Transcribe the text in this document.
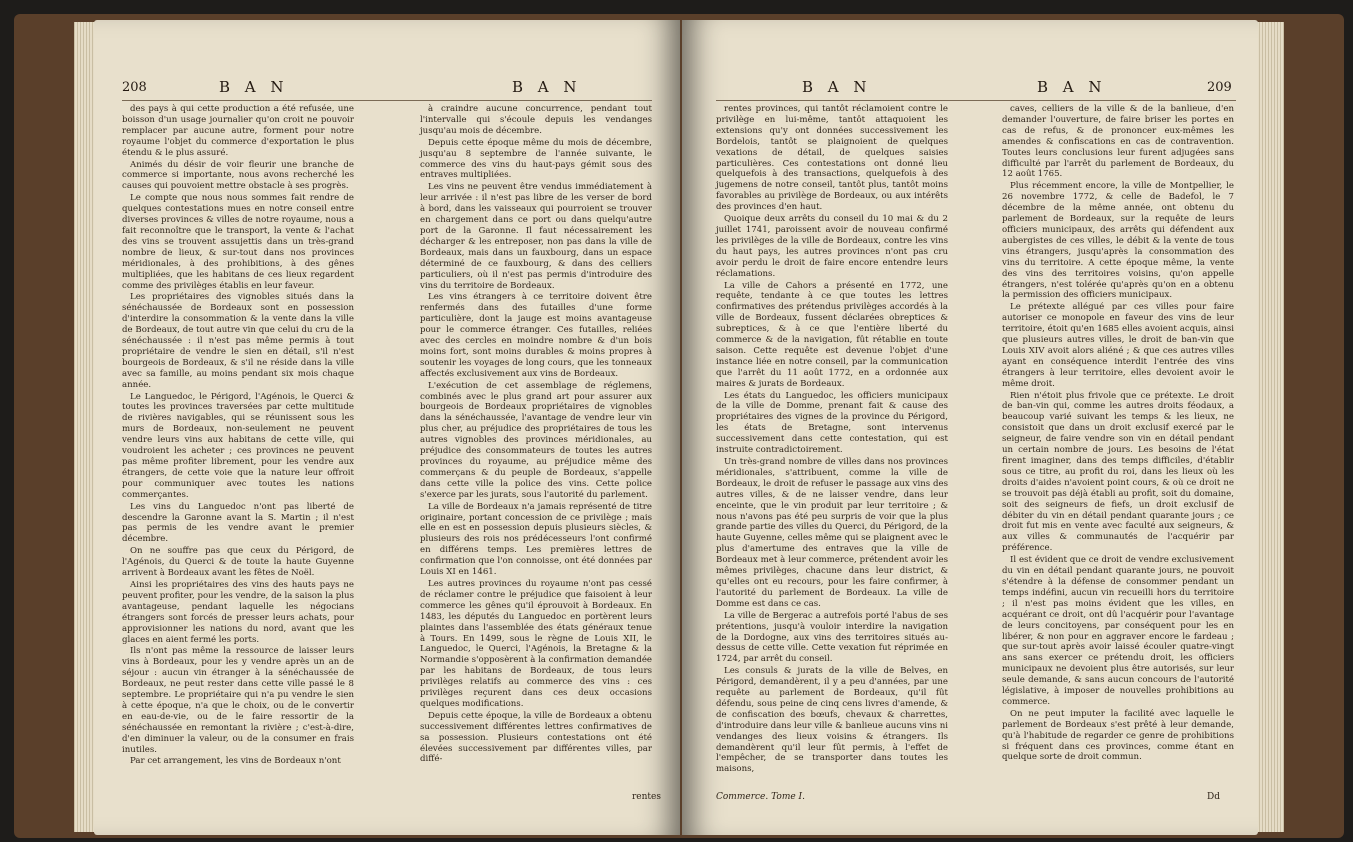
208	B A N	B A N

des pays à qui cette production a été refusée, une boisson d'un usage journalier qu'on croit ne pouvoir remplacer par aucune autre, forment pour notre royaume l'objet du commerce d'exportation le plus étendu & le plus assuré.

Animés du désir de voir fleurir une branche de commerce si importante, nous avons recherché les causes qui pouvoient mettre obstacle à ses progrès.

Le compte que nous nous sommes fait rendre de quelques contestations mues en notre conseil entre diverses provinces & villes de notre royaume, nous a fait reconnoître que le transport, la vente & l'achat des vins se trouvent assujettis dans un très-grand nombre de lieux, & sur-tout dans nos provinces méridionales, à des prohibitions, à des gênes multipliées, que les habitans de ces lieux regardent comme des privilèges établis en leur faveur.

Les propriétaires des vignobles situés dans la sénéchaussée de Bordeaux sont en possession d'interdire la consommation & la vente dans la ville de Bordeaux, de tout autre vin que celui du cru de la sénéchaussée : il n'est pas même permis à tout propriétaire de vendre le sien en détail, s'il n'est bourgeois de Bordeaux, & s'il ne réside dans la ville avec sa famille, au moins pendant six mois chaque année.

Le Languedoc, le Périgord, l'Agénois, le Querci & toutes les provinces traversées par cette multitude de rivières navigables, qui se réunissent sous les murs de Bordeaux, non-seulement ne peuvent vendre leurs vins aux habitans de cette ville, qui voudroient les acheter ; ces provinces ne peuvent pas même profiter librement, pour les vendre aux étrangers, de cette voie que la nature leur offroit pour communiquer avec toutes les nations commerçantes.

Les vins du Languedoc n'ont pas liberté de descendre la Garonne avant la S. Martin ; il n'est pas permis de les vendre avant le premier décembre.

On ne souffre pas que ceux du Périgord, de l'Agénois, du Querci & de toute la haute Guyenne arrivent à Bordeaux avant les fêtes de Noël.

Ainsi les propriétaires des vins des hauts pays ne peuvent profiter, pour les vendre, de la saison la plus avantageuse, pendant laquelle les négocians étrangers sont forcés de presser leurs achats, pour approvisionner les nations du nord, avant que les glaces en aient fermé les ports.

Ils n'ont pas même la ressource de laisser leurs vins à Bordeaux, pour les y vendre après un an de séjour : aucun vin étranger à la sénéchaussée de Bordeaux, ne peut rester dans cette ville passé le 8 septembre. Le propriétaire qui n'a pu vendre le sien à cette époque, n'a que le choix, ou de le convertir en eau-de-vie, ou de le faire ressortir de la sénéchaussée en remontant la rivière ; c'est-à-dire, d'en diminuer la valeur, ou de la consumer en frais inutiles.

Par cet arrangement, les vins de Bordeaux n'ont

à craindre aucune concurrence, pendant tout l'intervalle qui s'écoule depuis les vendanges jusqu'au mois de décembre.

Depuis cette époque même du mois de décembre, jusqu'au 8 septembre de l'année suivante, le commerce des vins du haut-pays gémit sous des entraves multipliées.

Les vins ne peuvent être vendus immédiatement à leur arrivée : il n'est pas libre de les verser de bord à bord, dans les vaisseaux qui pourroient se trouver en chargement dans ce port ou dans quelqu'autre port de la Garonne. Il faut nécessairement les décharger & les entreposer, non pas dans la ville de Bordeaux, mais dans un fauxbourg, dans un espace déterminé de ce fauxbourg, & dans des celliers particuliers, où il n'est pas permis d'introduire des vins du territoire de Bordeaux.

Les vins étrangers à ce territoire doivent être renfermés dans des futailles d'une forme particulière, dont la jauge est moins avantageuse pour le commerce étranger. Ces futailles, reliées avec des cercles en moindre nombre & d'un bois moins fort, sont moins durables & moins propres à soutenir les voyages de long cours, que les tonneaux affectés exclusivement aux vins de Bordeaux.

L'exécution de cet assemblage de réglemens, combinés avec le plus grand art pour assurer aux bourgeois de Bordeaux propriétaires de vignobles dans la sénéchaussée, l'avantage de vendre leur vin plus cher, au préjudice des propriétaires de tous les autres vignobles des provinces méridionales, au préjudice des consommateurs de toutes les autres provinces du royaume, au préjudice même des commerçans & du peuple de Bordeaux, s'appelle dans cette ville la police des vins. Cette police s'exerce par les jurats, sous l'autorité du parlement.

La ville de Bordeaux n'a jamais représenté de titre originaire, portant concession de ce privilège ; mais elle en est en possession depuis plusieurs siècles, & plusieurs des rois nos prédécesseurs l'ont confirmé en différens temps. Les premières lettres de confirmation que l'on connoisse, ont été données par Louis XI en 1461.

Les autres provinces du royaume n'ont pas cessé de réclamer contre le préjudice que faisoient à leur commerce les gênes qu'il éprouvoit à Bordeaux. En 1483, les députés du Languedoc en portèrent leurs plaintes dans l'assemblée des états généraux tenue à Tours. En 1499, sous le règne de Louis XII, le Languedoc, le Querci, l'Agénois, la Bretagne & la Normandie s'opposèrent à la confirmation demandée par les habitans de Bordeaux, de tous leurs privilèges relatifs au commerce des vins : ces privilèges reçurent dans ces deux occasions quelques modifications.

Depuis cette époque, la ville de Bordeaux a obtenu successivement différentes lettres confirmatives de sa possession. Plusieurs contestations ont été élevées successivement par différentes villes, par diffé-

rentes
B A N	B A N	209

rentes provinces, qui tantôt réclamoient contre le privilège en lui-même, tantôt attaquoient les extensions qu'y ont données successivement les Bordelois, tantôt se plaignoient de quelques vexations de détail, de quelques saisies particulières. Ces contestations ont donné lieu quelquefois à des transactions, quelquefois à des jugemens de notre conseil, tantôt plus, tantôt moins favorables au privilège de Bordeaux, ou aux intérêts des provinces d'en haut.

Quoique deux arrêts du conseil du 10 mai & du 2 juillet 1741, paroissent avoir de nouveau confirmé les privilèges de la ville de Bordeaux, contre les vins du haut pays, les autres provinces n'ont pas cru avoir perdu le droit de faire encore entendre leurs réclamations.

La ville de Cahors a présenté en 1772, une requête, tendante à ce que toutes les lettres confirmatives des prétendus privilèges accordés à la ville de Bordeaux, fussent déclarées obreptices & subreptices, & à ce que l'entière liberté du commerce & de la navigation, fût rétablie en toute saison. Cette requête est devenue l'objet d'une instance liée en notre conseil, par la communication que l'arrêt du 11 août 1772, en a ordonnée aux maires & jurats de Bordeaux.

Les états du Languedoc, les officiers municipaux de la ville de Domme, prenant fait & cause des propriétaires des vignes de la province du Périgord, les états de Bretagne, sont intervenus successivement dans cette contestation, qui est instruite contradictoirement.

Un très-grand nombre de villes dans nos provinces méridionales, s'attribuent, comme la ville de Bordeaux, le droit de refuser le passage aux vins des autres villes, & de ne laisser vendre, dans leur enceinte, que le vin produit par leur territoire ; & nous n'avons pas été peu surpris de voir que la plus grande partie des villes du Querci, du Périgord, de la haute Guyenne, celles même qui se plaignent avec le plus d'amertume des entraves que la ville de Bordeaux met à leur commerce, prétendent avoir les mêmes privilèges, chacune dans leur district, & qu'elles ont eu recours, pour les faire confirmer, à l'autorité du parlement de Bordeaux. La ville de Domme est dans ce cas.

La ville de Bergerac a autrefois porté l'abus de ses prétentions, jusqu'à vouloir interdire la navigation de la Dordogne, aux vins des territoires situés au-dessus de cette ville. Cette vexation fut réprimée en 1724, par arrêt du conseil.

Les consuls & jurats de la ville de Belves, en Périgord, demandèrent, il y a peu d'années, par une requête au parlement de Bordeaux, qu'il fût défendu, sous peine de cinq cens livres d'amende, & de confiscation des bœufs, chevaux & charrettes, d'introduire dans leur ville & banlieue aucuns vins ni vendanges des lieux voisins & étrangers. Ils demandèrent qu'il leur fût permis, à l'effet de l'empêcher, de se transporter dans toutes les maisons,

caves, celliers de la ville & de la banlieue, d'en demander l'ouverture, de faire briser les portes en cas de refus, & de prononcer eux-mêmes les amendes & confiscations en cas de contravention. Toutes leurs conclusions leur furent adjugées sans difficulté par l'arrêt du parlement de Bordeaux, du 12 août 1765.

Plus récemment encore, la ville de Montpellier, le 26 novembre 1772, & celle de Badefol, le 7 décembre de la même année, ont obtenu du parlement de Bordeaux, sur la requête de leurs officiers municipaux, des arrêts qui défendent aux aubergistes de ces villes, le débit & la vente de tous vins étrangers, jusqu'après la consommation des vins du territoire. A cette époque même, la vente des vins des territoires voisins, qu'on appelle étrangers, n'est tolérée qu'après qu'on en a obtenu la permission des officiers municipaux.

Le prétexte allégué par ces villes pour faire autoriser ce monopole en faveur des vins de leur territoire, étoit qu'en 1685 elles avoient acquis, ainsi que plusieurs autres villes, le droit de ban-vin que Louis XIV avoit alors aliéné ; & que ces autres villes ayant en conséquence interdit l'entrée des vins étrangers à leur territoire, elles devoient avoir le même droit.

Rien n'étoit plus frivole que ce prétexte. Le droit de ban-vin qui, comme les autres droits féodaux, a beaucoup varié suivant les temps & les lieux, ne consistoit que dans un droit exclusif exercé par le seigneur, de faire vendre son vin en détail pendant un certain nombre de jours. Les besoins de l'état firent imaginer, dans des temps difficiles, d'établir sous ce titre, au profit du roi, dans les lieux où les droits d'aides n'avoient point cours, & où ce droit ne se trouvoit pas déjà établi au profit, soit du domaine, soit des seigneurs de fiefs, un droit exclusif de débiter du vin en détail pendant quarante jours ; ce droit fut mis en vente avec faculté aux seigneurs, & aux villes & communautés de l'acquérir par préférence.

Il est évident que ce droit de vendre exclusivement du vin en détail pendant quarante jours, ne pouvoit s'étendre à la défense de consommer pendant un temps indéfini, aucun vin recueilli hors du territoire ; il n'est pas moins évident que les villes, en acquérant ce droit, ont dû l'acquérir pour l'avantage de leurs concitoyens, par conséquent pour les en libérer, & non pour en aggraver encore le fardeau ; que sur-tout après avoir laissé écouler quatre-vingt ans sans exercer ce prétendu droit, les officiers municipaux ne devoient plus être autorisés, sur leur seule demande, & sans aucun concours de l'autorité législative, à imposer de nouvelles prohibitions au commerce.

On ne peut imputer la facilité avec laquelle le parlement de Bordeaux s'est prêté à leur demande, qu'à l'habitude de regarder ce genre de prohibitions si fréquent dans ces provinces, comme étant en quelque sorte de droit commun.

Commerce. Tome I.	Dd
